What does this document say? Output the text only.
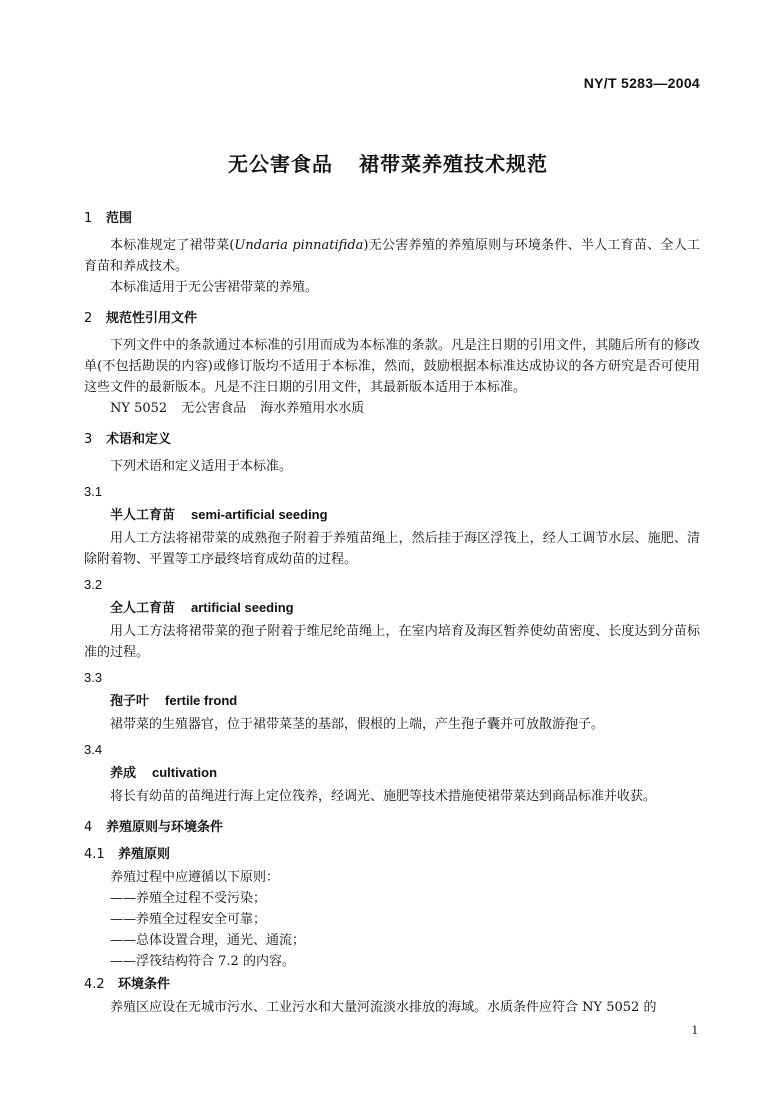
NY/T 5283—2004
无公害食品 裙带菜养殖技术规范

1 范围

本标准规定了裙带菜(Undaria pinnatifida)无公害养殖的养殖原则与环境条件、半人工育苗、全人工育苗和养成技术。

本标准适用于无公害裙带菜的养殖。

2 规范性引用文件

下列文件中的条款通过本标准的引用而成为本标准的条款。凡是注日期的引用文件，其随后所有的修改单(不包括勘误的内容)或修订版均不适用于本标准，然而，鼓励根据本标准达成协议的各方研究是否可使用这些文件的最新版本。凡是不注日期的引用文件，其最新版本适用于本标准。

NY 5052 无公害食品 海水养殖用水水质

3 术语和定义

下列术语和定义适用于本标准。

3.1

半人工育苗 semi-artificial seeding

用人工方法将裙带菜的成熟孢子附着于养殖苗绳上，然后挂于海区浮筏上，经人工调节水层、施肥、清除附着物、平置等工序最终培育成幼苗的过程。

3.2

全人工育苗 artificial seeding

用人工方法将裙带菜的孢子附着于维尼纶苗绳上，在室内培育及海区暂养使幼苗密度、长度达到分苗标准的过程。

3.3

孢子叶 fertile frond

裙带菜的生殖器官，位于裙带菜茎的基部，假根的上端，产生孢子囊并可放散游孢子。

3.4

养成 cultivation

将长有幼苗的苗绳进行海上定位筏养，经调光、施肥等技术措施使裙带菜达到商品标准并收获。

4 养殖原则与环境条件

4.1 养殖原则

养殖过程中应遵循以下原则：

——养殖全过程不受污染；

——养殖全过程安全可靠；

——总体设置合理，通光、通流；

——浮筏结构符合 7.2 的内容。

4.2 环境条件

养殖区应设在无城市污水、工业污水和大量河流淡水排放的海域。水质条件应符合 NY 5052 的

1
